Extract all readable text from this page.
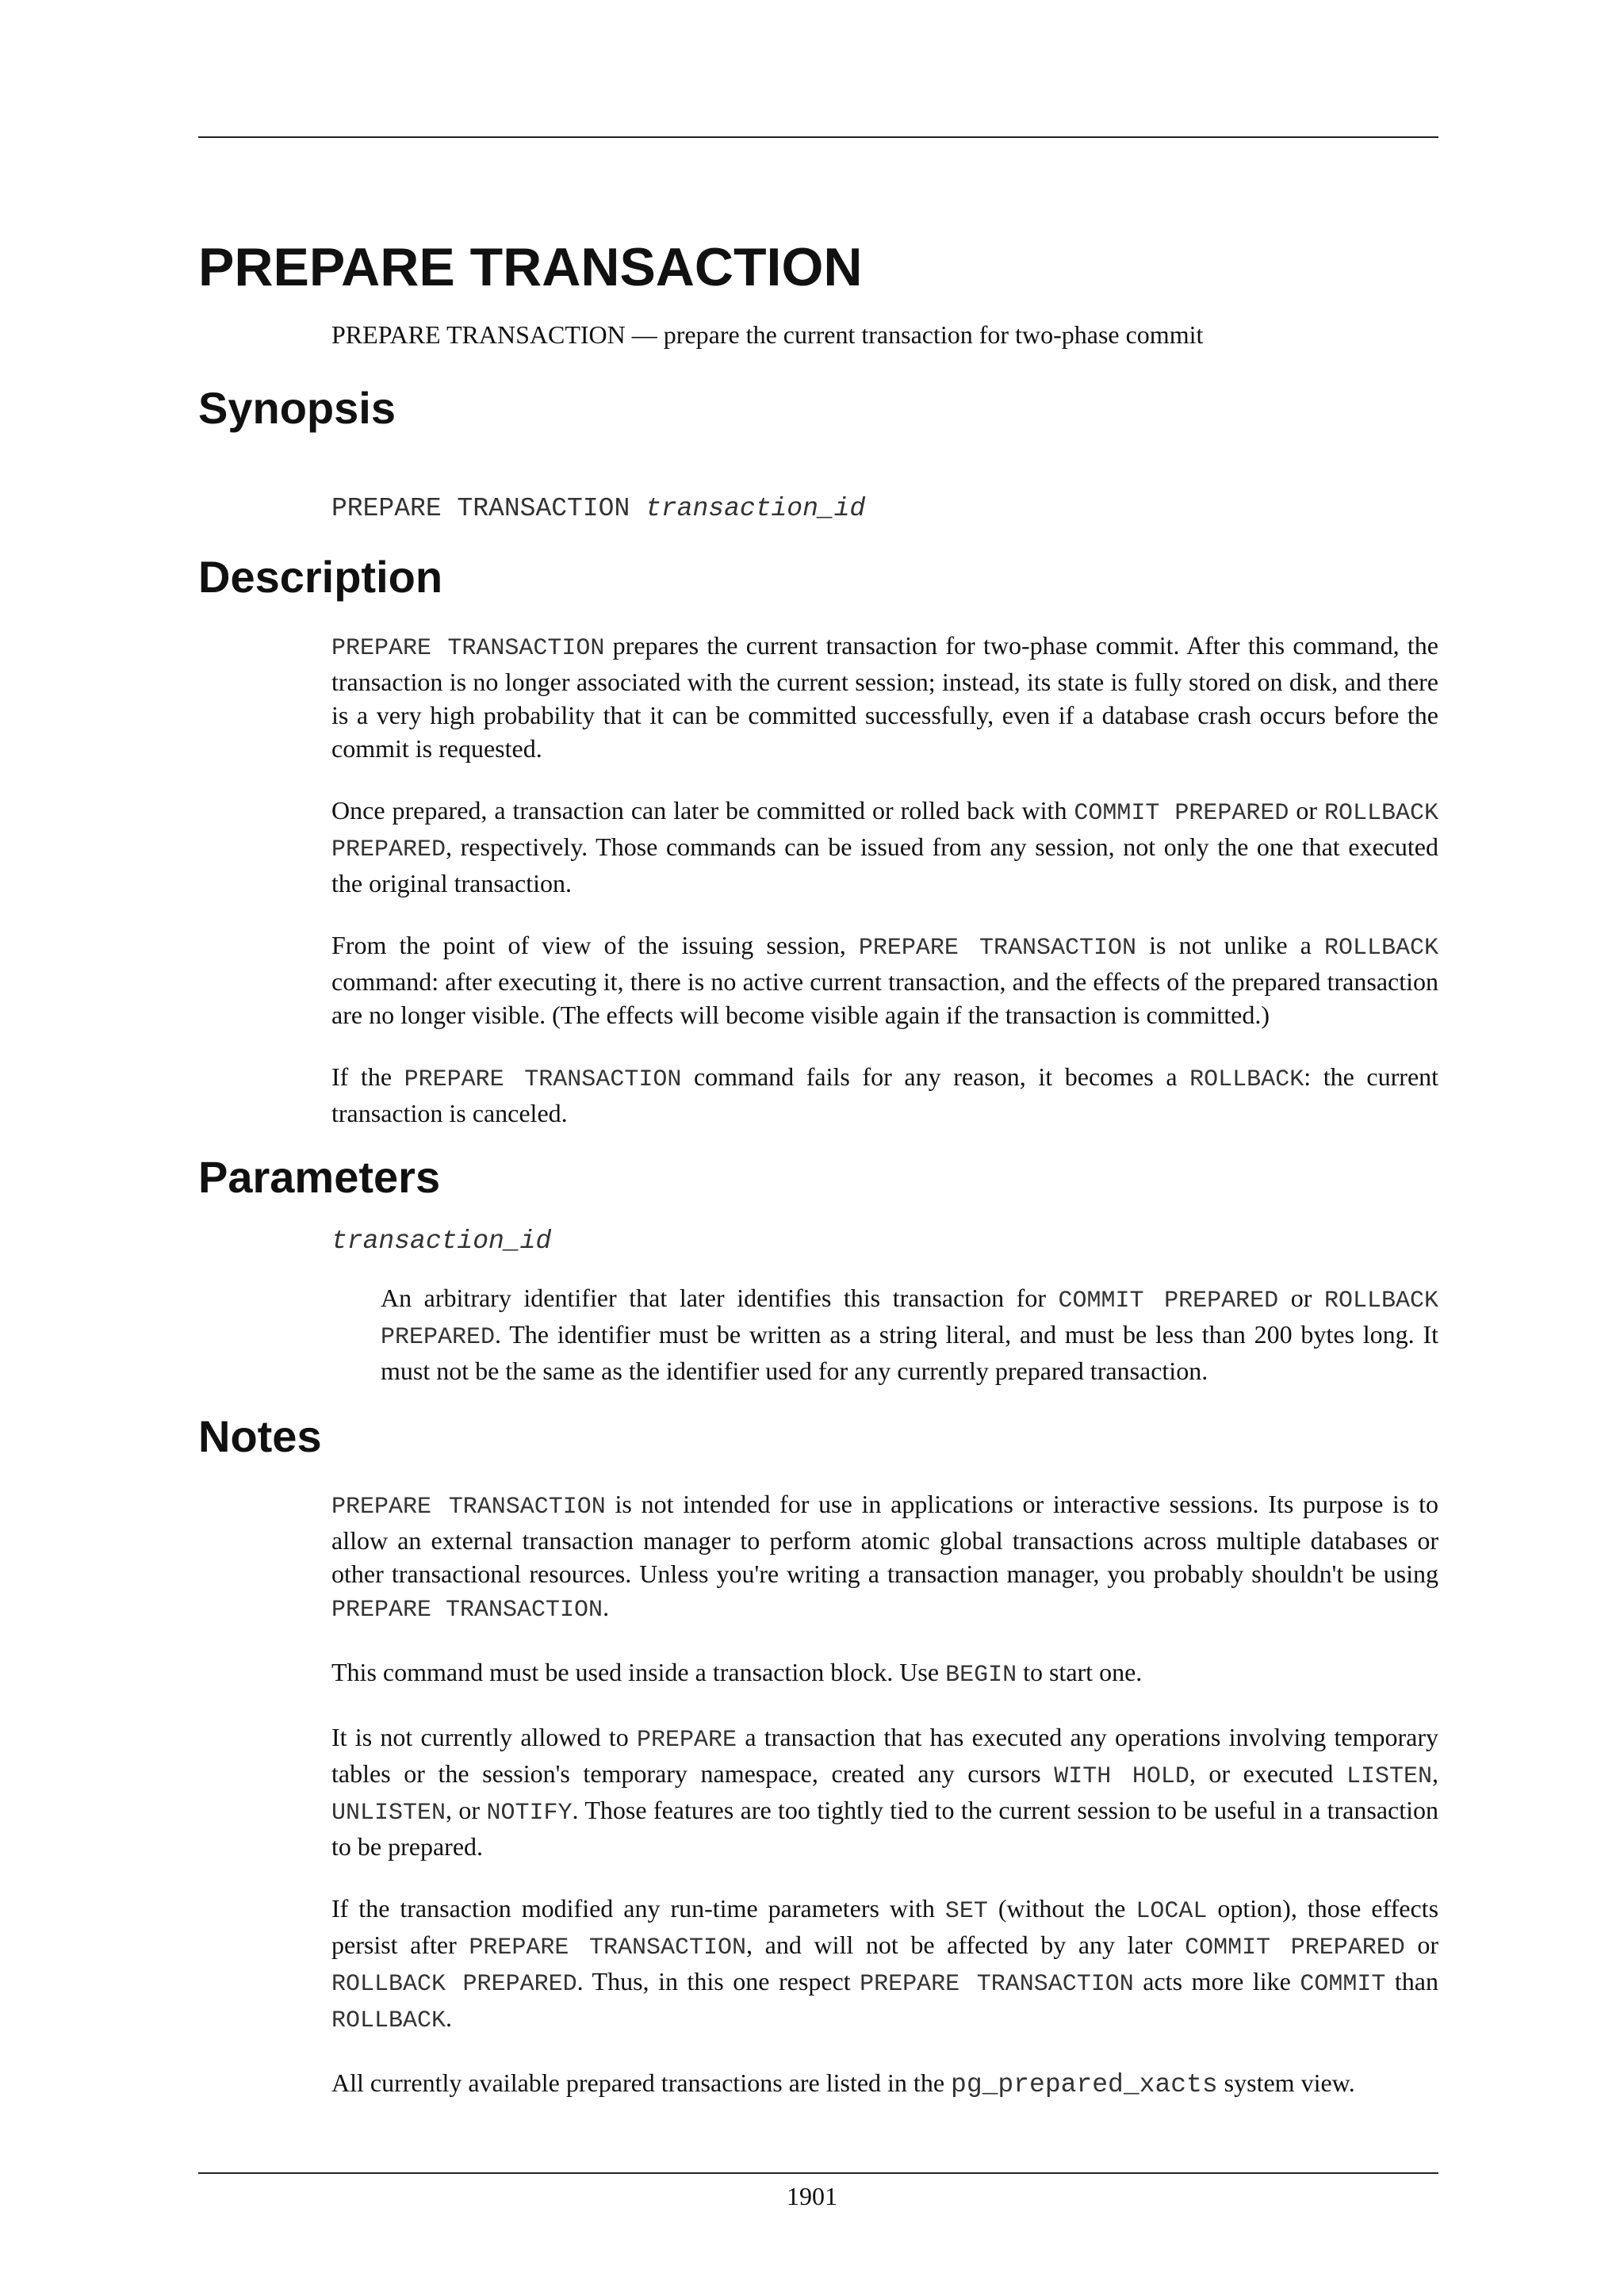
PREPARE TRANSACTION

PREPARE TRANSACTION — prepare the current transaction for two-phase commit

Synopsis
PREPARE TRANSACTION transaction_id
Description

PREPARE TRANSACTION prepares the current transaction for two-phase commit. After this command, the transaction is no longer associated with the current session; instead, its state is fully stored on disk, and there is a very high probability that it can be committed successfully, even if a database crash occurs before the commit is requested.

Once prepared, a transaction can later be committed or rolled back with COMMIT PREPARED or ROLLBACK PREPARED, respectively. Those commands can be issued from any session, not only the one that executed the original transaction.

From the point of view of the issuing session, PREPARE TRANSACTION is not unlike a ROLLBACK command: after executing it, there is no active current transaction, and the effects of the prepared transaction are no longer visible. (The effects will become visible again if the transaction is committed.)

If the PREPARE TRANSACTION command fails for any reason, it becomes a ROLLBACK: the current transaction is canceled.

Parameters
transaction_id

An arbitrary identifier that later identifies this transaction for COMMIT PREPARED or ROLLBACK PREPARED. The identifier must be written as a string literal, and must be less than 200 bytes long. It must not be the same as the identifier used for any currently prepared transaction.

Notes

PREPARE TRANSACTION is not intended for use in applications or interactive sessions. Its purpose is to allow an external transaction manager to perform atomic global transactions across multiple databases or other transactional resources. Unless you're writing a transaction manager, you probably shouldn't be using PREPARE TRANSACTION.

This command must be used inside a transaction block. Use BEGIN to start one.

It is not currently allowed to PREPARE a transaction that has executed any operations involving temporary tables or the session's temporary namespace, created any cursors WITH HOLD, or executed LISTEN, UNLISTEN, or NOTIFY. Those features are too tightly tied to the current session to be useful in a transaction to be prepared.

If the transaction modified any run-time parameters with SET (without the LOCAL option), those effects persist after PREPARE TRANSACTION, and will not be affected by any later COMMIT PREPARED or ROLLBACK PREPARED. Thus, in this one respect PREPARE TRANSACTION acts more like COMMIT than ROLLBACK.

All currently available prepared transactions are listed in the pg_prepared_xacts system view.

1901
